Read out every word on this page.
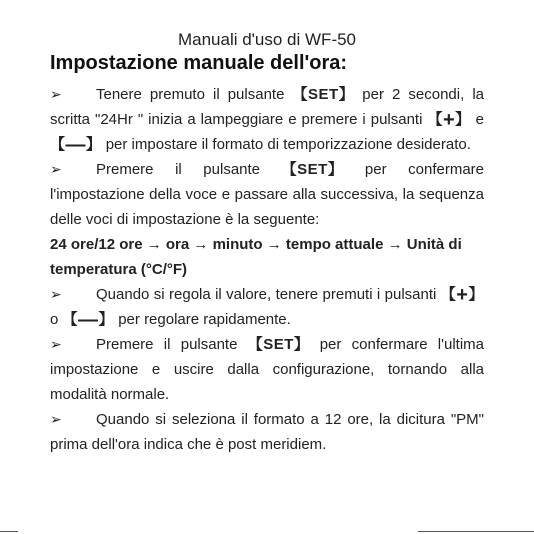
Manuali d'uso di WF-50
Impostazione manuale dell'ora:

➢ Tenere premuto il pulsante 【SET】 per 2 secondi, la scritta "24Hr " inizia a lampeggiare e premere i pulsanti 【+】 e 【—】 per impostare il formato di temporizzazione desiderato.

➢ Premere il pulsante 【SET】 per confermare l'impostazione della voce e passare alla successiva, la sequenza delle voci di impostazione è la seguente:

24 ore/12 ore → ora → minuto → tempo attuale → Unità di temperatura (°C/°F)

➢ Quando si regola il valore, tenere premuti i pulsanti 【+】 o 【—】 per regolare rapidamente.

➢ Premere il pulsante 【SET】 per confermare l'ultima impostazione e uscire dalla configurazione, tornando alla modalità normale.

➢ Quando si seleziona il formato a 12 ore, la dicitura "PM" prima dell'ora indica che è post meridiem.
